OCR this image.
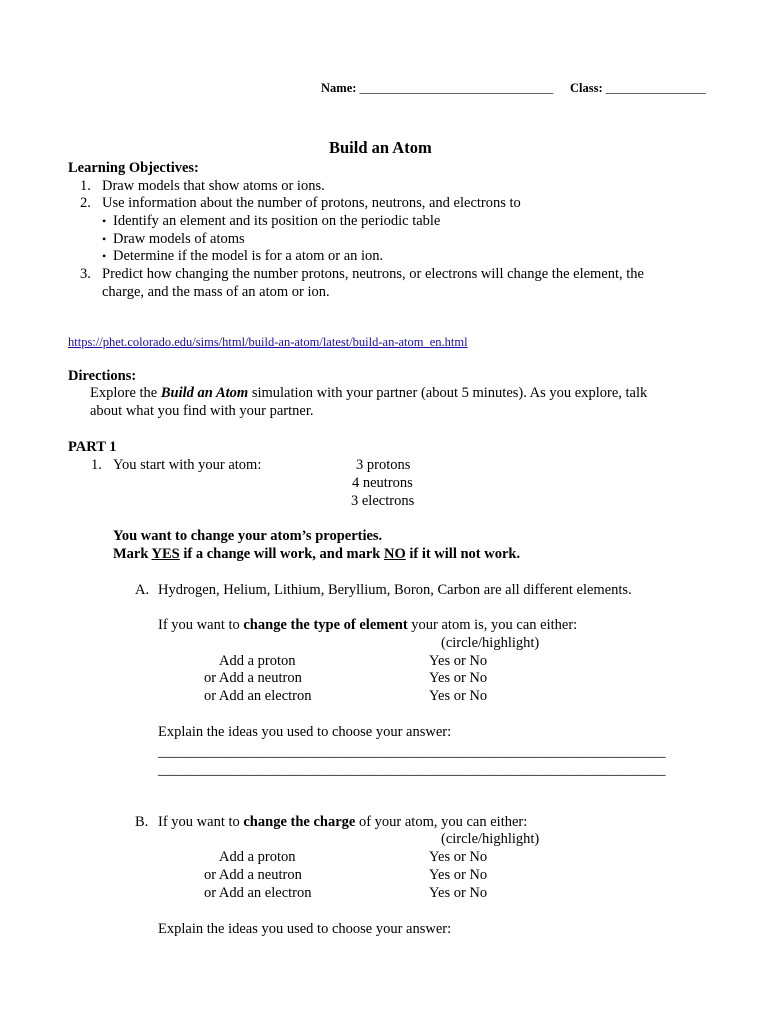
Name: _______________________________ Class: ________________
Build an Atom
Learning Objectives:
1. Draw models that show atoms or ions.
2. Use information about the number of protons, neutrons, and electrons to
• Identify an element and its position on the periodic table
• Draw models of atoms
• Determine if the model is for a atom or an ion.
3. Predict how changing the number protons, neutrons, or electrons will change the element, the
charge, and the mass of an atom or ion.
https://phet.colorado.edu/sims/html/build-an-atom/latest/build-an-atom_en.html
Directions:
Explore the Build an Atom simulation with your partner (about 5 minutes). As you explore, talk
about what you find with your partner.
PART 1
1. You start with your atom:	3 protons
4 neutrons
3 electrons
You want to change your atom’s properties.
Mark YES if a change will work, and mark NO if it will not work.
A. Hydrogen, Helium, Lithium, Beryllium, Boron, Carbon are all different elements.
If you want to change the type of element your atom is, you can either:
(circle/highlight)
Add a proton	Yes or No
or Add a neutron	Yes or No
or Add an electron	Yes or No
Explain the ideas you used to choose your answer:
______________________________________________________________________
______________________________________________________________________
B. If you want to change the charge of your atom, you can either:
(circle/highlight)
Add a proton	Yes or No
or Add a neutron	Yes or No
or Add an electron	Yes or No
Explain the ideas you used to choose your answer:
